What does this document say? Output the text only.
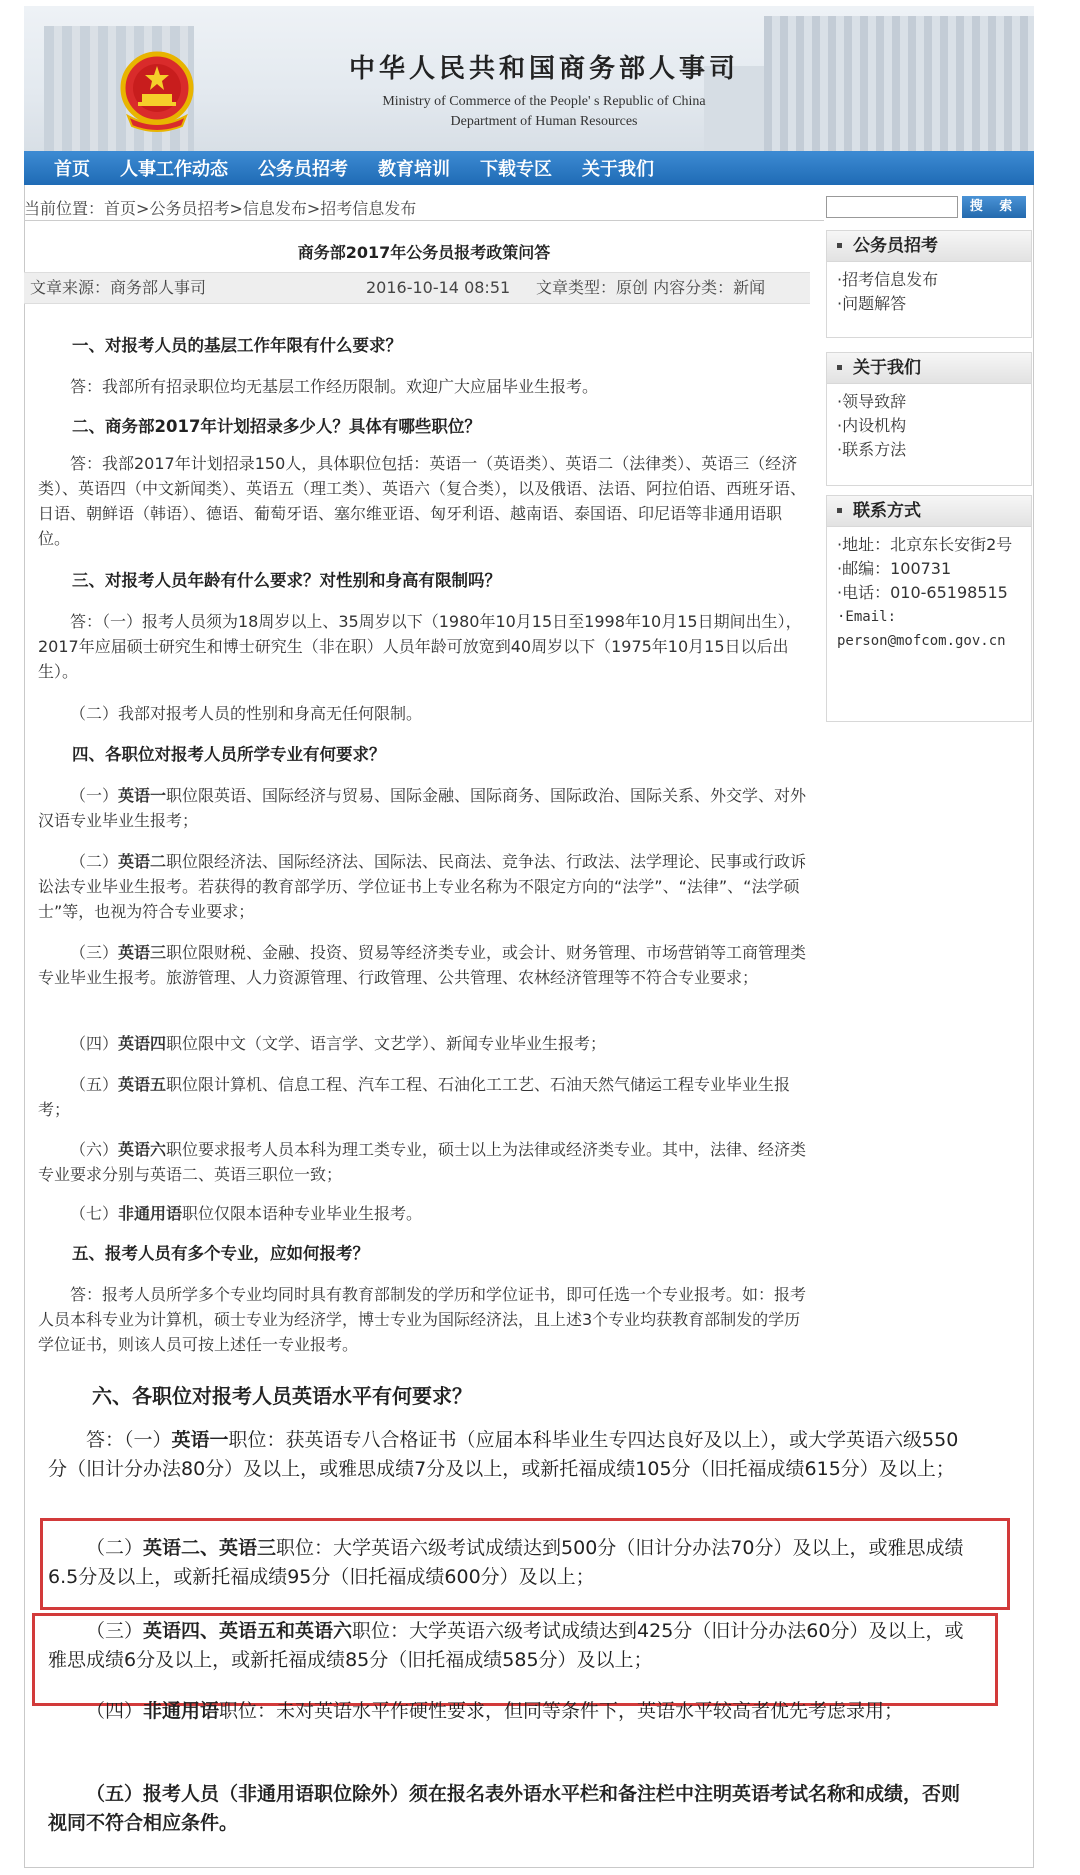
中华人民共和国商务部人事司
Ministry of Commerce of the People' s Republic of China
Department of Human Resources
首页 人事工作动态 公务员招考 教育培训 下载专区 关于我们
当前位置：首页>公务员招考>信息发布>招考信息发布	搜 索
商务部2017年公务员报考政策问答
文章来源：商务部人事司	2016-10-14 08:51 文章类型：原创 内容分类：新闻
公务员招考
·招考信息发布
·问题解答
关于我们
·领导致辞
·内设机构
·联系方法
联系方式
·地址：北京东长安街2号
·邮编：100731
·电话：010-65198515
·Email:
person@mofcom.gov.cn
一、对报考人员的基层工作年限有什么要求？
答：我部所有招录职位均无基层工作经历限制。欢迎广大应届毕业生报考。
二、商务部2017年计划招录多少人？具体有哪些职位？
答：我部2017年计划招录150人，具体职位包括：英语一（英语类）、英语二（法律类）、英语三（经济类）、英语四（中文新闻类）、英语五（理工类）、英语六（复合类），以及俄语、法语、阿拉伯语、西班牙语、日语、朝鲜语（韩语）、德语、葡萄牙语、塞尔维亚语、匈牙利语、越南语、泰国语、印尼语等非通用语职位。
三、对报考人员年龄有什么要求？对性别和身高有限制吗？
答：（一）报考人员须为18周岁以上、35周岁以下（1980年10月15日至1998年10月15日期间出生），2017年应届硕士研究生和博士研究生（非在职）人员年龄可放宽到40周岁以下（1975年10月15日以后出生）。
（二）我部对报考人员的性别和身高无任何限制。
四、各职位对报考人员所学专业有何要求？
（一）英语一职位限英语、国际经济与贸易、国际金融、国际商务、国际政治、国际关系、外交学、对外汉语专业毕业生报考；
（二）英语二职位限经济法、国际经济法、国际法、民商法、竞争法、行政法、法学理论、民事或行政诉讼法专业毕业生报考。若获得的教育部学历、学位证书上专业名称为不限定方向的“法学”、“法律”、“法学硕士”等，也视为符合专业要求；
（三）英语三职位限财税、金融、投资、贸易等经济类专业，或会计、财务管理、市场营销等工商管理类专业毕业生报考。旅游管理、人力资源管理、行政管理、公共管理、农林经济管理等不符合专业要求；
（四）英语四职位限中文（文学、语言学、文艺学）、新闻专业毕业生报考；
（五）英语五职位限计算机、信息工程、汽车工程、石油化工工艺、石油天然气储运工程专业毕业生报考；
（六）英语六职位要求报考人员本科为理工类专业，硕士以上为法律或经济类专业。其中，法律、经济类专业要求分别与英语二、英语三职位一致；
（七）非通用语职位仅限本语种专业毕业生报考。
五、报考人员有多个专业，应如何报考？
答：报考人员所学多个专业均同时具有教育部制发的学历和学位证书，即可任选一个专业报考。如：报考人员本科专业为计算机，硕士专业为经济学，博士专业为国际经济法，且上述3个专业均获教育部制发的学历学位证书，则该人员可按上述任一专业报考。
六、各职位对报考人员英语水平有何要求？
答：（一）英语一职位：获英语专八合格证书（应届本科毕业生专四达良好及以上），或大学英语六级550分（旧计分办法80分）及以上，或雅思成绩7分及以上，或新托福成绩105分（旧托福成绩615分）及以上；
（二）英语二、英语三职位：大学英语六级考试成绩达到500分（旧计分办法70分）及以上，或雅思成绩6.5分及以上，或新托福成绩95分（旧托福成绩600分）及以上；
（三）英语四、英语五和英语六职位：大学英语六级考试成绩达到425分（旧计分办法60分）及以上，或雅思成绩6分及以上，或新托福成绩85分（旧托福成绩585分）及以上；
（四）非通用语职位：未对英语水平作硬性要求，但同等条件下，英语水平较高者优先考虑录用；
（五）报考人员（非通用语职位除外）须在报名表外语水平栏和备注栏中注明英语考试名称和成绩，否则视同不符合相应条件。
